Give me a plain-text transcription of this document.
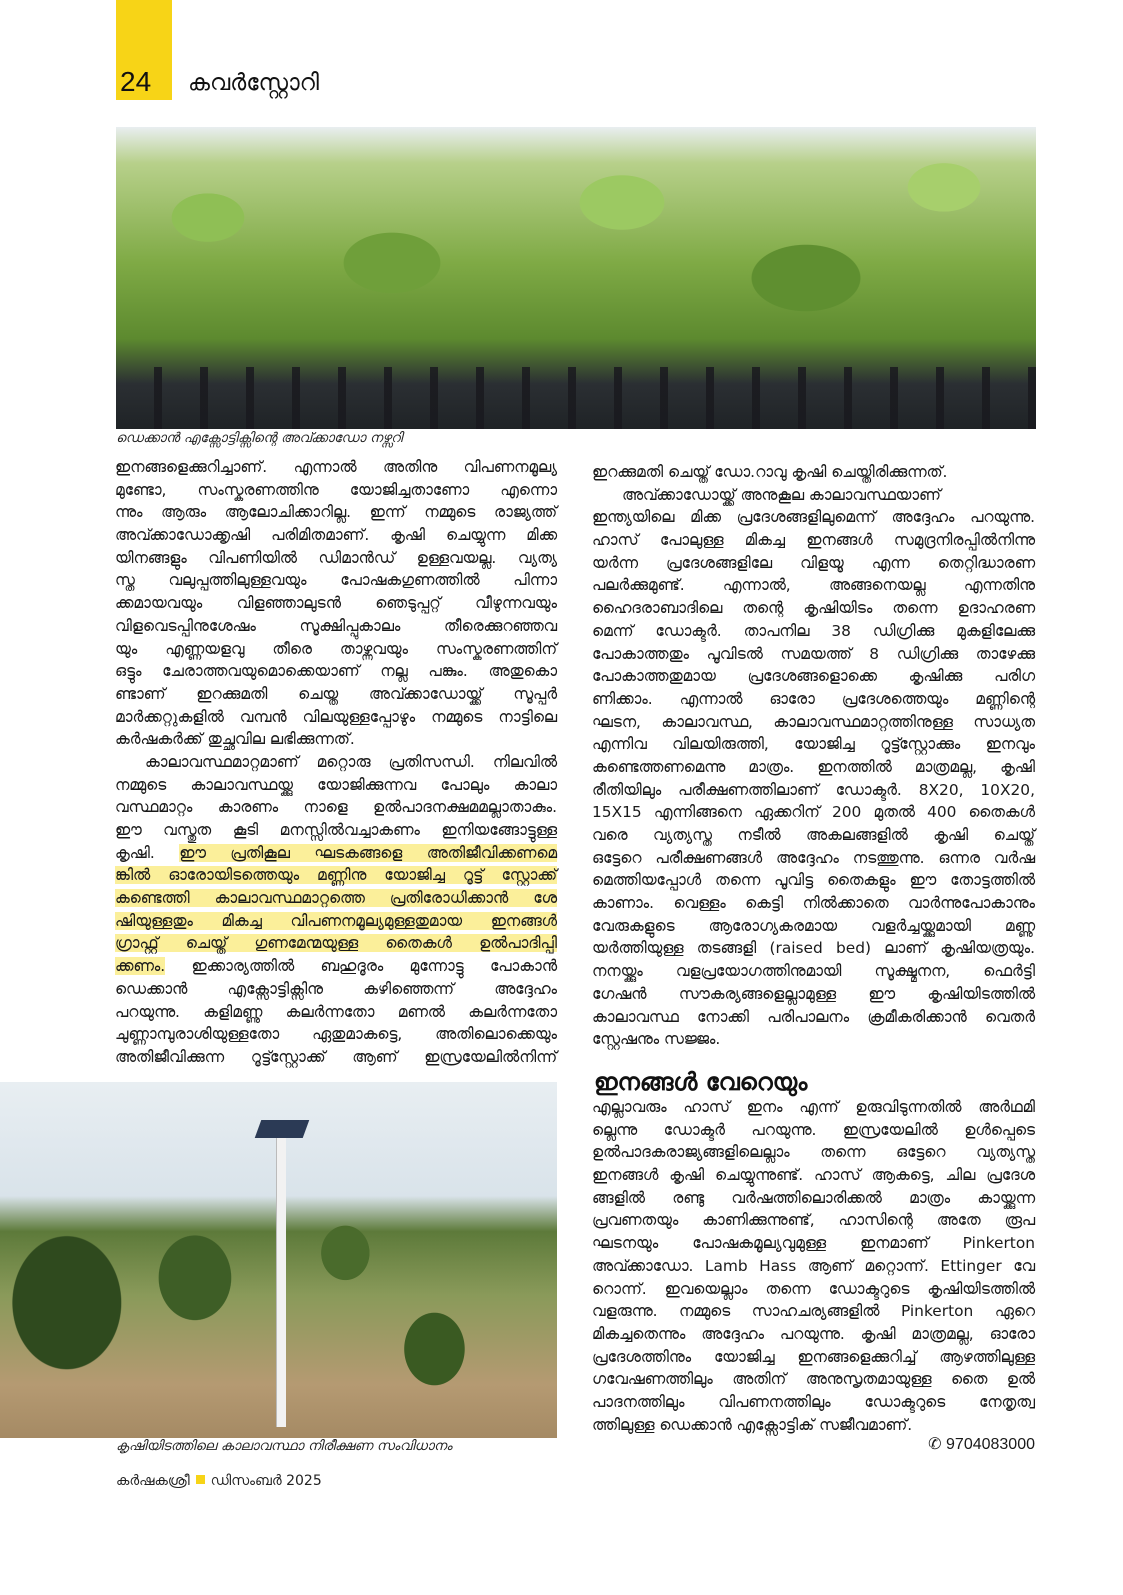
24 കവർസ്റ്റോറി
ഡെക്കാൻ എക്സോട്ടിക്സിന്റെ അവ്ക്കാഡോ നഴ്സറി
ഇനങ്ങളെക്കുറിച്ചാണ്. എന്നാൽ അതിനു വിപണനമൂല്യ
മുണ്ടോ, സംസ്കരണത്തിനു യോജിച്ചതാണോ എന്നൊ
ന്നും ആരും ആലോചിക്കാറില്ല. ഇന്ന് നമ്മുടെ രാജ്യത്ത്
അവ്ക്കാഡോക്കൃഷി പരിമിതമാണ്. കൃഷി ചെയ്യുന്ന മിക്ക
യിനങ്ങളും വിപണിയിൽ ഡിമാൻഡ് ഉള്ളവയല്ല. വ്യത്യ
സ്ത വലുപ്പത്തിലുള്ളവയും പോഷകഗുണത്തിൽ പിന്നാ
ക്കമായവയും വിളഞ്ഞാലുടൻ ഞെടുപ്പറ്റ് വീഴുന്നവയും
വിളവെടപ്പിനുശേഷം സൂക്ഷിപ്പുകാലം തീരെക്കുറഞ്ഞവ
യും എണ്ണയളവു തീരെ താഴ്ന്നവയും സംസ്കരണത്തിന്
ഒട്ടും ചേരാത്തവയുമൊക്കെയാണ് നല്ല പങ്കും. അതുകൊ
ണ്ടാണ് ഇറക്കുമതി ചെയ്ത അവ്ക്കാഡോയ്ക്ക് സൂപ്പർ
മാർക്കറ്റുകളിൽ വമ്പൻ വിലയുള്ളപ്പോഴും നമ്മുടെ നാട്ടിലെ
കർഷകർക്ക് തുച്ഛവില ലഭിക്കുന്നത്.
കാലാവസ്ഥമാറ്റമാണ് മറ്റൊരു പ്രതിസന്ധി. നിലവിൽ
നമ്മുടെ കാലാവസ്ഥയ്ക്കു യോജിക്കുന്നവ പോലും കാലാ
വസ്ഥമാറ്റം കാരണം നാളെ ഉൽപാദനക്ഷമമല്ലാതാകും.
ഈ വസ്തുത കൂടി മനസ്സിൽവച്ചാകണം ഇനിയങ്ങോട്ടുള്ള
കൃഷി. ഈ പ്രതികൂല ഘടകങ്ങളെ അതിജീവിക്കണമെ
ങ്കിൽ ഓരോയിടത്തെയും മണ്ണിനു യോജിച്ച റൂട്ട് സ്റ്റോക്ക്
കണ്ടെത്തി കാലാവസ്ഥമാറ്റത്തെ പ്രതിരോധിക്കാൻ ശേ
ഷിയുള്ളതും മികച്ച വിപണനമൂല്യമുള്ളതുമായ ഇനങ്ങൾ
ഗ്രാഫ്റ്റ് ചെയ്ത് ഗുണമേന്മയുള്ള തൈകൾ ഉൽപാദിപ്പി
ക്കണം. ഇക്കാര്യത്തിൽ ബഹുദൂരം മുന്നോട്ടു പോകാൻ
ഡെക്കാൻ എക്സോട്ടിക്സിനു കഴിഞ്ഞെന്ന് അദ്ദേഹം
പറയുന്നു. കളിമണ്ണു കലർന്നതോ മണൽ കലർന്നതോ
ചുണ്ണാമ്പുരാശിയുള്ളതോ ഏതുമാകട്ടെ, അതിലൊക്കെയും
അതിജീവിക്കുന്ന റൂട്ട്സ്റ്റോക്ക് ആണ് ഇസ്രയേലിൽനിന്ന്
ഇറക്കുമതി ചെയ്ത് ഡോ.റാവു കൃഷി ചെയ്തിരിക്കുന്നത്.
അവ്ക്കാഡോയ്ക്ക് അനുകൂല കാലാവസ്ഥയാണ്
ഇന്ത്യയിലെ മിക്ക പ്രദേശങ്ങളിലുമെന്ന് അദ്ദേഹം പറയുന്നു.
ഹാസ് പോലുള്ള മികച്ച ഇനങ്ങൾ സമുദ്രനിരപ്പിൽനിന്നു
യർന്ന പ്രദേശങ്ങളിലേ വിളയൂ എന്ന തെറ്റിദ്ധാരണ
പലർക്കുമുണ്ട്. എന്നാൽ, അങ്ങനെയല്ല എന്നതിനു
ഹൈദരാബാദിലെ തന്റെ കൃഷിയിടം തന്നെ ഉദാഹരണ
മെന്ന് ഡോക്ടർ. താപനില 38 ഡിഗ്രിക്കു മുകളിലേക്കു
പോകാത്തതും പൂവിടൽ സമയത്ത് 8 ഡിഗ്രിക്കു താഴേക്കു
പോകാത്തതുമായ പ്രദേശങ്ങളൊക്കെ കൃഷിക്കു പരിഗ
ണിക്കാം. എന്നാൽ ഓരോ പ്രദേശത്തെയും മണ്ണിന്റെ
ഘടന, കാലാവസ്ഥ, കാലാവസ്ഥമാറ്റത്തിനുള്ള സാധ്യത
എന്നിവ വിലയിരുത്തി, യോജിച്ച റൂട്ട്സ്റ്റോക്കും ഇനവും
കണ്ടെത്തണമെന്നു മാത്രം. ഇനത്തിൽ മാത്രമല്ല, കൃഷി
രീതിയിലും പരീക്ഷണത്തിലാണ് ഡോക്ടർ. 8X20, 10X20,
15X15 എന്നിങ്ങനെ ഏക്കറിന് 200 മുതൽ 400 തൈകൾ
വരെ വ്യത്യസ്ത നടീൽ അകലങ്ങളിൽ കൃഷി ചെയ്ത്
ഒട്ടേറെ പരീക്ഷണങ്ങൾ അദ്ദേഹം നടത്തുന്നു. ഒന്നര വർഷ
മെത്തിയപ്പോൾ തന്നെ പൂവിട്ട തൈകളും ഈ തോട്ടത്തിൽ
കാണാം. വെള്ളം കെട്ടി നിൽക്കാതെ വാർന്നുപോകാനും
വേരുകളുടെ ആരോഗ്യകരമായ വളർച്ചയ്ക്കുമായി മണ്ണു
യർത്തിയുള്ള തടങ്ങളി (raised bed) ലാണ് കൃഷിയത്രയും.
നനയ്ക്കും വളപ്രയോഗത്തിനുമായി സൂക്ഷ്മനന, ഫെർട്ടി
ഗേഷൻ സൗകര്യങ്ങളെല്ലാമുള്ള ഈ കൃഷിയിടത്തിൽ
കാലാവസ്ഥ നോക്കി പരിപാലനം ക്രമീകരിക്കാൻ വെതർ
സ്റ്റേഷനും സജ്ജം.
ഇനങ്ങൾ വേറെയും
എല്ലാവരും ഹാസ് ഇനം എന്ന് ഉരുവിടുന്നതിൽ അർഥമി
ല്ലെന്നു ഡോക്ടർ പറയുന്നു. ഇസ്രയേലിൽ ഉൾപ്പെടെ
ഉൽപാദകരാജ്യങ്ങളിലെല്ലാം തന്നെ ഒട്ടേറെ വ്യത്യസ്ത
ഇനങ്ങൾ കൃഷി ചെയ്യുന്നുണ്ട്. ഹാസ് ആകട്ടെ, ചില പ്രദേശ
ങ്ങളിൽ രണ്ടു വർഷത്തിലൊരിക്കൽ മാത്രം കായ്ക്കുന്ന
പ്രവണതയും കാണിക്കുന്നുണ്ട്, ഹാസിന്റെ അതേ രൂപ
ഘടനയും പോഷകമൂല്യവുമുള്ള ഇനമാണ് Pinkerton
അവ്ക്കാഡോ. Lamb Hass ആണ് മറ്റൊന്ന്. Ettinger വേ
റൊന്ന്. ഇവയെല്ലാം തന്നെ ഡോക്ടറുടെ കൃഷിയിടത്തിൽ
വളരുന്നു. നമ്മുടെ സാഹചര്യങ്ങളിൽ Pinkerton ഏറെ
മികച്ചതെന്നും അദ്ദേഹം പറയുന്നു. കൃഷി മാത്രമല്ല, ഓരോ
പ്രദേശത്തിനും യോജിച്ച ഇനങ്ങളെക്കുറിച്ച് ആഴത്തിലുള്ള
ഗവേഷണത്തിലും അതിന് അനുസൃതമായുള്ള തൈ ഉൽ
പാദനത്തിലും വിപണനത്തിലും ഡോക്ടറുടെ നേതൃത്വ
ത്തിലുള്ള ഡെക്കാൻ എക്സോട്ടിക് സജീവമാണ്.
✆ 9704083000
കൃഷിയിടത്തിലെ കാലാവസ്ഥാ നിരീക്ഷണ സംവിധാനം
കർഷകശ്രീ ഡിസംബർ 2025
